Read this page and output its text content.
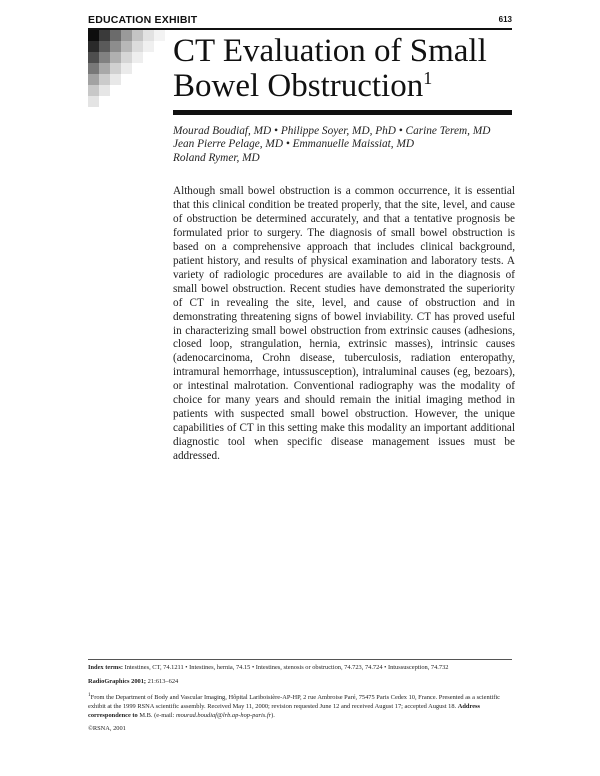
EDUCATION EXHIBIT	613
CT Evaluation of Small Bowel Obstruction$^1$
Mourad Boudiaf, MD • Philippe Soyer, MD, PhD • Carine Terem, MD
Jean Pierre Pelage, MD • Emmanuelle Maissiat, MD
Roland Rymer, MD

Although small bowel obstruction is a common occurrence, it is essential that this clinical condition be treated properly, that the site, level, and cause of obstruction be determined accurately, and that a tentative prognosis be formulated prior to surgery. The diagnosis of small bowel obstruction is based on a comprehensive approach that includes clinical background, patient history, and results of physical examination and laboratory tests. A variety of radiologic procedures are available to aid in the diagnosis of small bowel obstruction. Recent studies have demonstrated the superiority of CT in revealing the site, level, and cause of obstruction and in demonstrating threatening signs of bowel inviability. CT has proved useful in characterizing small bowel obstruction from extrinsic causes (adhesions, closed loop, strangulation, hernia, extrinsic masses), intrinsic causes (adenocarcinoma, Crohn disease, tuberculosis, radiation enteropathy, intramural hemorrhage, intussusception), intraluminal causes (eg, bezoars), or intestinal malrotation. Conventional radiography was the modality of choice for many years and should remain the initial imaging method in patients with suspected small bowel obstruction. However, the unique capabilities of CT in this setting make this modality an important additional diagnostic tool when specific disease management issues must be addressed.

Index terms: Intestines, CT, 74.1211 • Intestines, hernia, 74.15 • Intestines, stenosis or obstruction, 74.723, 74.724 • Intussusception, 74.732

RadioGraphics 2001; 21:613–624

$^1$From the Department of Body and Vascular Imaging, Hôpital Lariboisière-AP-HP, 2 rue Ambroise Paré, 75475 Paris Cedex 10, France. Presented as a scientific exhibit at the 1999 RSNA scientific assembly. Received May 11, 2000; revision requested June 12 and received August 17; accepted August 18. Address correspondence to M.B. (e-mail: mourad.boudiaf@lrb.ap-hop-paris.fr).

©RSNA, 2001
